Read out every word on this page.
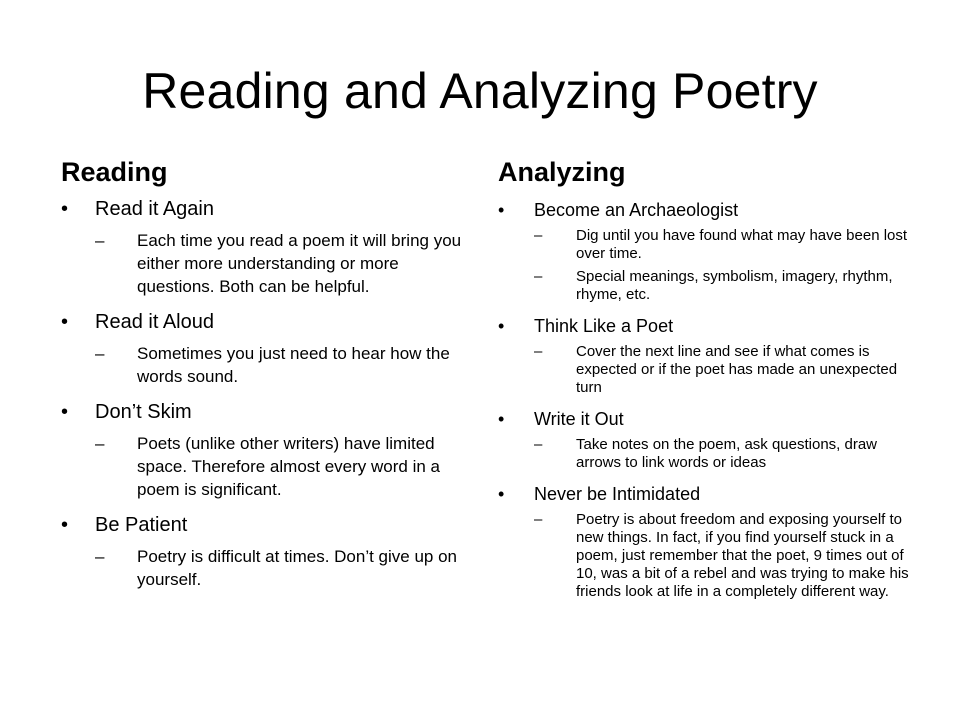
Reading and Analyzing Poetry
Reading
• Read it Again
– Each time you read a poem it will bring you either more understanding or more questions. Both can be helpful.
• Read it Aloud
– Sometimes you just need to hear how the words sound.
• Don’t Skim
– Poets (unlike other writers) have limited space. Therefore almost every word in a poem is significant.
• Be Patient
– Poetry is difficult at times. Don’t give up on yourself.
Analyzing
• Become an Archaeologist
– Dig until you have found what may have been lost over time.
– Special meanings, symbolism, imagery, rhythm, rhyme, etc.
• Think Like a Poet
– Cover the next line and see if what comes is expected or if the poet has made an unexpected turn
• Write it Out
– Take notes on the poem, ask questions, draw arrows to link words or ideas
• Never be Intimidated
– Poetry is about freedom and exposing yourself to new things. In fact, if you find yourself stuck in a poem, just remember that the poet, 9 times out of 10, was a bit of a rebel and was trying to make his friends look at life in a completely different way.
